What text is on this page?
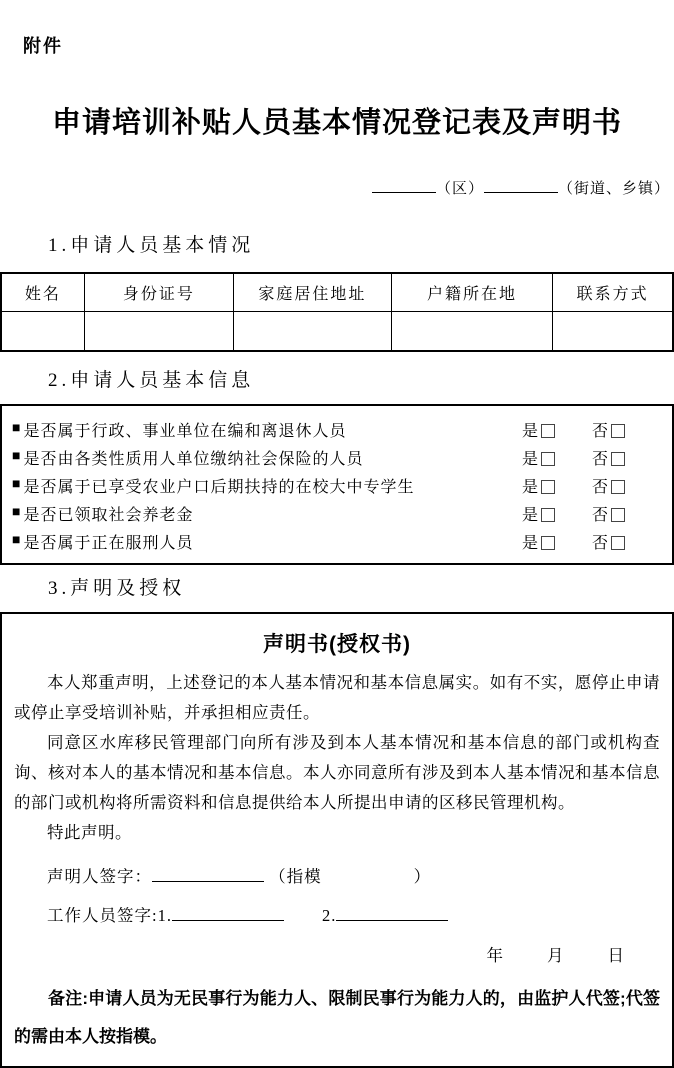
附件
申请培训补贴人员基本情况登记表及声明书
（区）	（街道、乡镇）
1.申请人员基本情况
姓名	身份证号	家庭居住地址	户籍所在地	联系方式

2.申请人员基本信息
■ 是否属于行政、事业单位在编和离退休人员	是	否
■ 是否由各类性质用人单位缴纳社会保险的人员	是	否
■ 是否属于已享受农业户口后期扶持的在校大中专学生	是	否
■ 是否已领取社会养老金	是	否
■ 是否属于正在服刑人员	是	否
3.声明及授权
声明书(授权书)

本人郑重声明，上述登记的本人基本情况和基本信息属实。如有不实，愿停止申请或停止享受培训补贴，并承担相应责任。

同意区水库移民管理部门向所有涉及到本人基本情况和基本信息的部门或机构查询、核对本人的基本情况和基本信息。本人亦同意所有涉及到本人基本情况和基本信息的部门或机构将所需资料和信息提供给本人所提出申请的区移民管理机构。

特此声明。

声明人签字：	（指模	）
工作人员签字:1.	2.
年	月	日

备注:申请人员为无民事行为能力人、限制民事行为能力人的，由监护人代签;代签的需由本人按指模。
